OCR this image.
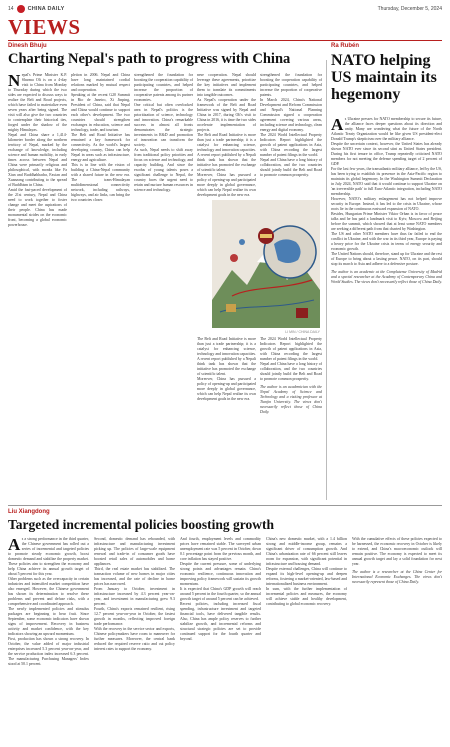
14	CHINA DAILY	Thursday, December 5, 2024
VIEWS
Dinesh Bhuju
Charting Nepal's path to progress with China

Nepal's Prime Minister K.P. Sharma Oli is on a 4-day visit to China from Monday to Thursday during which the two sides are expected to discuss ways to realize the Belt and Road projects, which have failed to materialize even seven years after being signed. The visit will also give the two countries to contemplate their historical ties, forged under the shadow of the mighty Himalayas.

Nepal and China share a 1,414-kilometer border along the northern territory of Nepal, marked by the exchange of knowledge, including science and human mobility, in early times across between Nepal and China were primarily religious and philosophical, with monks like Fa Xian and Buddhabhadra, Faxian and Xuanzang contributing to the spread of Buddhism in China.

Amid the fast-paced development of the 21st century, Nepal and China need to work together to foster change and meet the aspirations of their people. China has made monumental strides on the economic front, becoming a global economic powerhouse.

pletion in 2006. Nepal and China have long maintained cordial relations marked by mutual respect and cooperation.

Speaking at the recent G20 Summit in Rio de Janeiro, Xi Jinping, President of China, said that Nepal and China would continue to support each other's development. The two countries should strengthen exchanges in education, science and technology, trade, and tourism.

The Belt and Road Initiative has remained a key framework for connectivity. As the world's largest developing country, China can help Nepal in areas such as infrastructure, energy and agriculture.

This is in line with the vision of building a China-Nepal community with a shared future in the new era. The trans-Himalayan multidimensional connectivity network, including railways, highways, and air links, can bring the two countries closer.

strengthened the foundation for boosting the cooperation capability of participating countries, and helped increase the proportion of cooperative patents among its partner economies.

One critical but often overlooked area in Nepal's politics is the prioritization of science, technology and innovation. China's remarkable success in almost all fronts demonstrates the strategic investments in R&D and promotion of innovation can transform the society.

As such, Nepal needs to shift away from traditional policy priorities and focus on science and technology, and capacity building. And since the exodus of young talents poses a significant challenge to Nepal, the country faces the urgent need to retain and nurture human resources in science and technology.

nese cooperation. Nepal should leverage these agreements, prioritize the key initiatives and implement them to translate its commitments into tangible outcomes.

As Nepal's cooperation under the framework of the Belt and Road Initiative was signed by Nepal and China in 2017, during Oli's visit to China in 2016, it is time the two sides accelerate implementation of projects.

The Belt and Road Initiative is more than just a trade partnership; it is a catalyst for enhancing science, technology and innovation capacities. A recent report published by a Nepali think tank has shown that the initiative has promoted the exchange of scientific talent.

Moreover, China has pursued a policy of opening-up and participated more deeply in global governance, which can help Nepal realize its own development goals in the new era.

strengthened the foundation for boosting the cooperation capability of participating countries, and helped increase the proportion of cooperative patents.

In March 2024, China's National Development and Reform Commission and Nepal's National Planning Commission signed a cooperation agreement covering various areas, including science and technology, clean energy and digital economy.

The 2024 World Intellectual Property Indicators Report highlighted the growth of patent applications in Asia, with China recording the largest number of patent filings in the world.

Nepal and China have a long history of collaboration, and the two countries should jointly build the Belt and Road to promote common prosperity.

LI MIN / CHINA DAILY

The Belt and Road Initiative is more than just a trade partnership; it is a catalyst for enhancing science, technology and innovation capacities. A recent report published by a Nepali think tank has shown that the initiative has promoted the exchange of scientific talent.

Moreover, China has pursued a policy of opening-up and participated more deeply in global governance, which can help Nepal realize its own development goals in the new era.

The 2024 World Intellectual Property Indicators Report highlighted the growth of patent applications in Asia, with China recording the largest number of patent filings in the world.

Nepal and China have a long history of collaboration, and the two countries should jointly build the Belt and Road to promote common prosperity.

The author is an academician with the Nepal Academy of Science and Technology and a visiting professor at Tianjin University. The views don't necessarily reflect those of China Daily.

Ra Rubén
NATO helping US maintain its hegemony

As Ukraine presses for NATO membership to secure its future, the alliance faces deeper questions about its direction and unity. Many are wondering what the future of the North Atlantic Treaty Organization would be like given US president-elect Donald Trump's skepticism over the military alliance.

Despite the uncertain context, however, the United States has already shown NATO ever since its second stint as United States president. During his first tenure in office, Trump repeatedly criticized NATO members for not meeting the defense spending target of 2 percent of GDP.

For the last few years, the transatlantic military alliance, led by the US, has been trying to establish its presence in the Asia-Pacific region to maintain its global hegemony. In the Washington Summit Declaration in July 2024, NATO said that it would continue to support Ukraine on 'an irreversible path' to full Euro-Atlantic integration, including NATO membership.

However, NATO's military enlargement has not helped improve security in Europe. Instead, it has led to the crisis in Ukraine, whose roots lie in the continuous eastward expansion of NATO.

Besides, Hungarian Prime Minister Viktor Orban is in favor of peace talks and he has paid a landmark visit to Kyiv, Moscow and Beijing before the summit, which showed that at least some NATO members are seeking a different path from that charted by Washington.

The US and other NATO members have thus far failed to end the conflict in Ukraine, and with the war in its third year, Europe is paying a heavy price for the Ukraine crisis in terms of energy security and economic growth.

The United Nations should, therefore, stand up for Ukraine and the rest of Europe to bring about a lasting peace. NATO, on its part, should stop its march to Asia and adhere to a defensive posture.

The author is an academic at the Complutense University of Madrid and a special researcher at the Academy of Contemporary China and World Studies. The views don't necessarily reflect those of China Daily.

Liu Xiangdong
Targeted incremental policies boosting growth

As a strong performance in the third quarter, the Chinese government has rolled out a series of incremental and targeted policies to promote steady economic growth, boost domestic demand and stabilize the property market. These policies aim to strengthen the economy and help China achieve its annual growth target of about 5 percent for this year.

Other problems such as the overcapacity in certain industries and intensified market competition have also emerged. However, the Chinese government has shown its determination to resolve these problems and prevent and defuse risks, with a comprehensive and coordinated approach.

The newly implemented policies and stimulus packages are beginning to bear fruit. Since September, some economic indicators have shown signs of improvement. Recovery in business activity and market confidence, with the key indicators showing an upward momentum.

First, production has shown a strong recovery. In October, the value added of major industrial enterprises increased 5.3 percent year-on-year, and the service production index increased 6.3 percent. The manufacturing Purchasing Managers' Index stood at 50.1 percent.

Second, domestic demand has rebounded, with infrastructure and manufacturing investment picking up. The policies of large-scale equipment renewal and trade-in of consumer goods have boosted retail sales of automobiles and home appliances.

Third, the real estate market has stabilized. The transaction volume of new homes in major cities has increased, and the rate of decline in home prices has narrowed.

From January to October, investment in infrastructure increased by 4.3 percent year-on-year, and investment in manufacturing grew 9.3 percent.

Fourth, China's exports remained resilient, rising 12.7 percent year-on-year in October, the fastest growth in months, reflecting improved foreign trade performance.

With the recovery in the service sector and exports, Chinese policymakers have room to maneuver for further measures. Moreover, the central bank reduced the required reserve ratio and cut policy interest rates to support the economy.

And fourth, employment levels and commodity prices have remained stable. The surveyed urban unemployment rate was 5 percent in October, down 0.1 percentage point from the previous month, and core inflation has stayed positive.

Despite the current pressure, some of underlying strong points and advantages remain. China's economic resilience, continuous innovation and improving policy framework will sustain its growth momentum.

It is expected that China's GDP growth will reach around 5 percent in the fourth quarter, so the annual growth target of around 5 percent can be achieved.

Recent policies, including increased fiscal spending, infrastructure investment and targeted financial tools, have delivered tangible results. Also, China has ample policy reserves to further stabilize growth, and incremental reforms and structural strategic policies are set to provide continued support for the fourth quarter and beyond.

China's new domestic market, with a 1.4 billion strong and middle-income group, remains a significant driver of consumption growth. And China's urbanization rate of 66 percent still leaves room for expansion, with significant potential in infrastructure and housing demand.

Despite external challenges, China will continue to expand its high-level opening-up and deepen reforms, fostering a market-oriented, law-based and internationalized business environment.

In sum, with the further implementation of incremental policies and measures, the economy will achieve stable and healthy development, contributing to global economic recovery.

With the cumulative effects of these policies expected to be harnessed, the economic recovery in October is likely to extend, and China's macroeconomic outlook will remain positive. The economy is expected to meet its annual growth target and lay a solid foundation for next year.

The author is a researcher at the China Center for International Economic Exchanges. The views don't necessarily represent those of China Daily.
